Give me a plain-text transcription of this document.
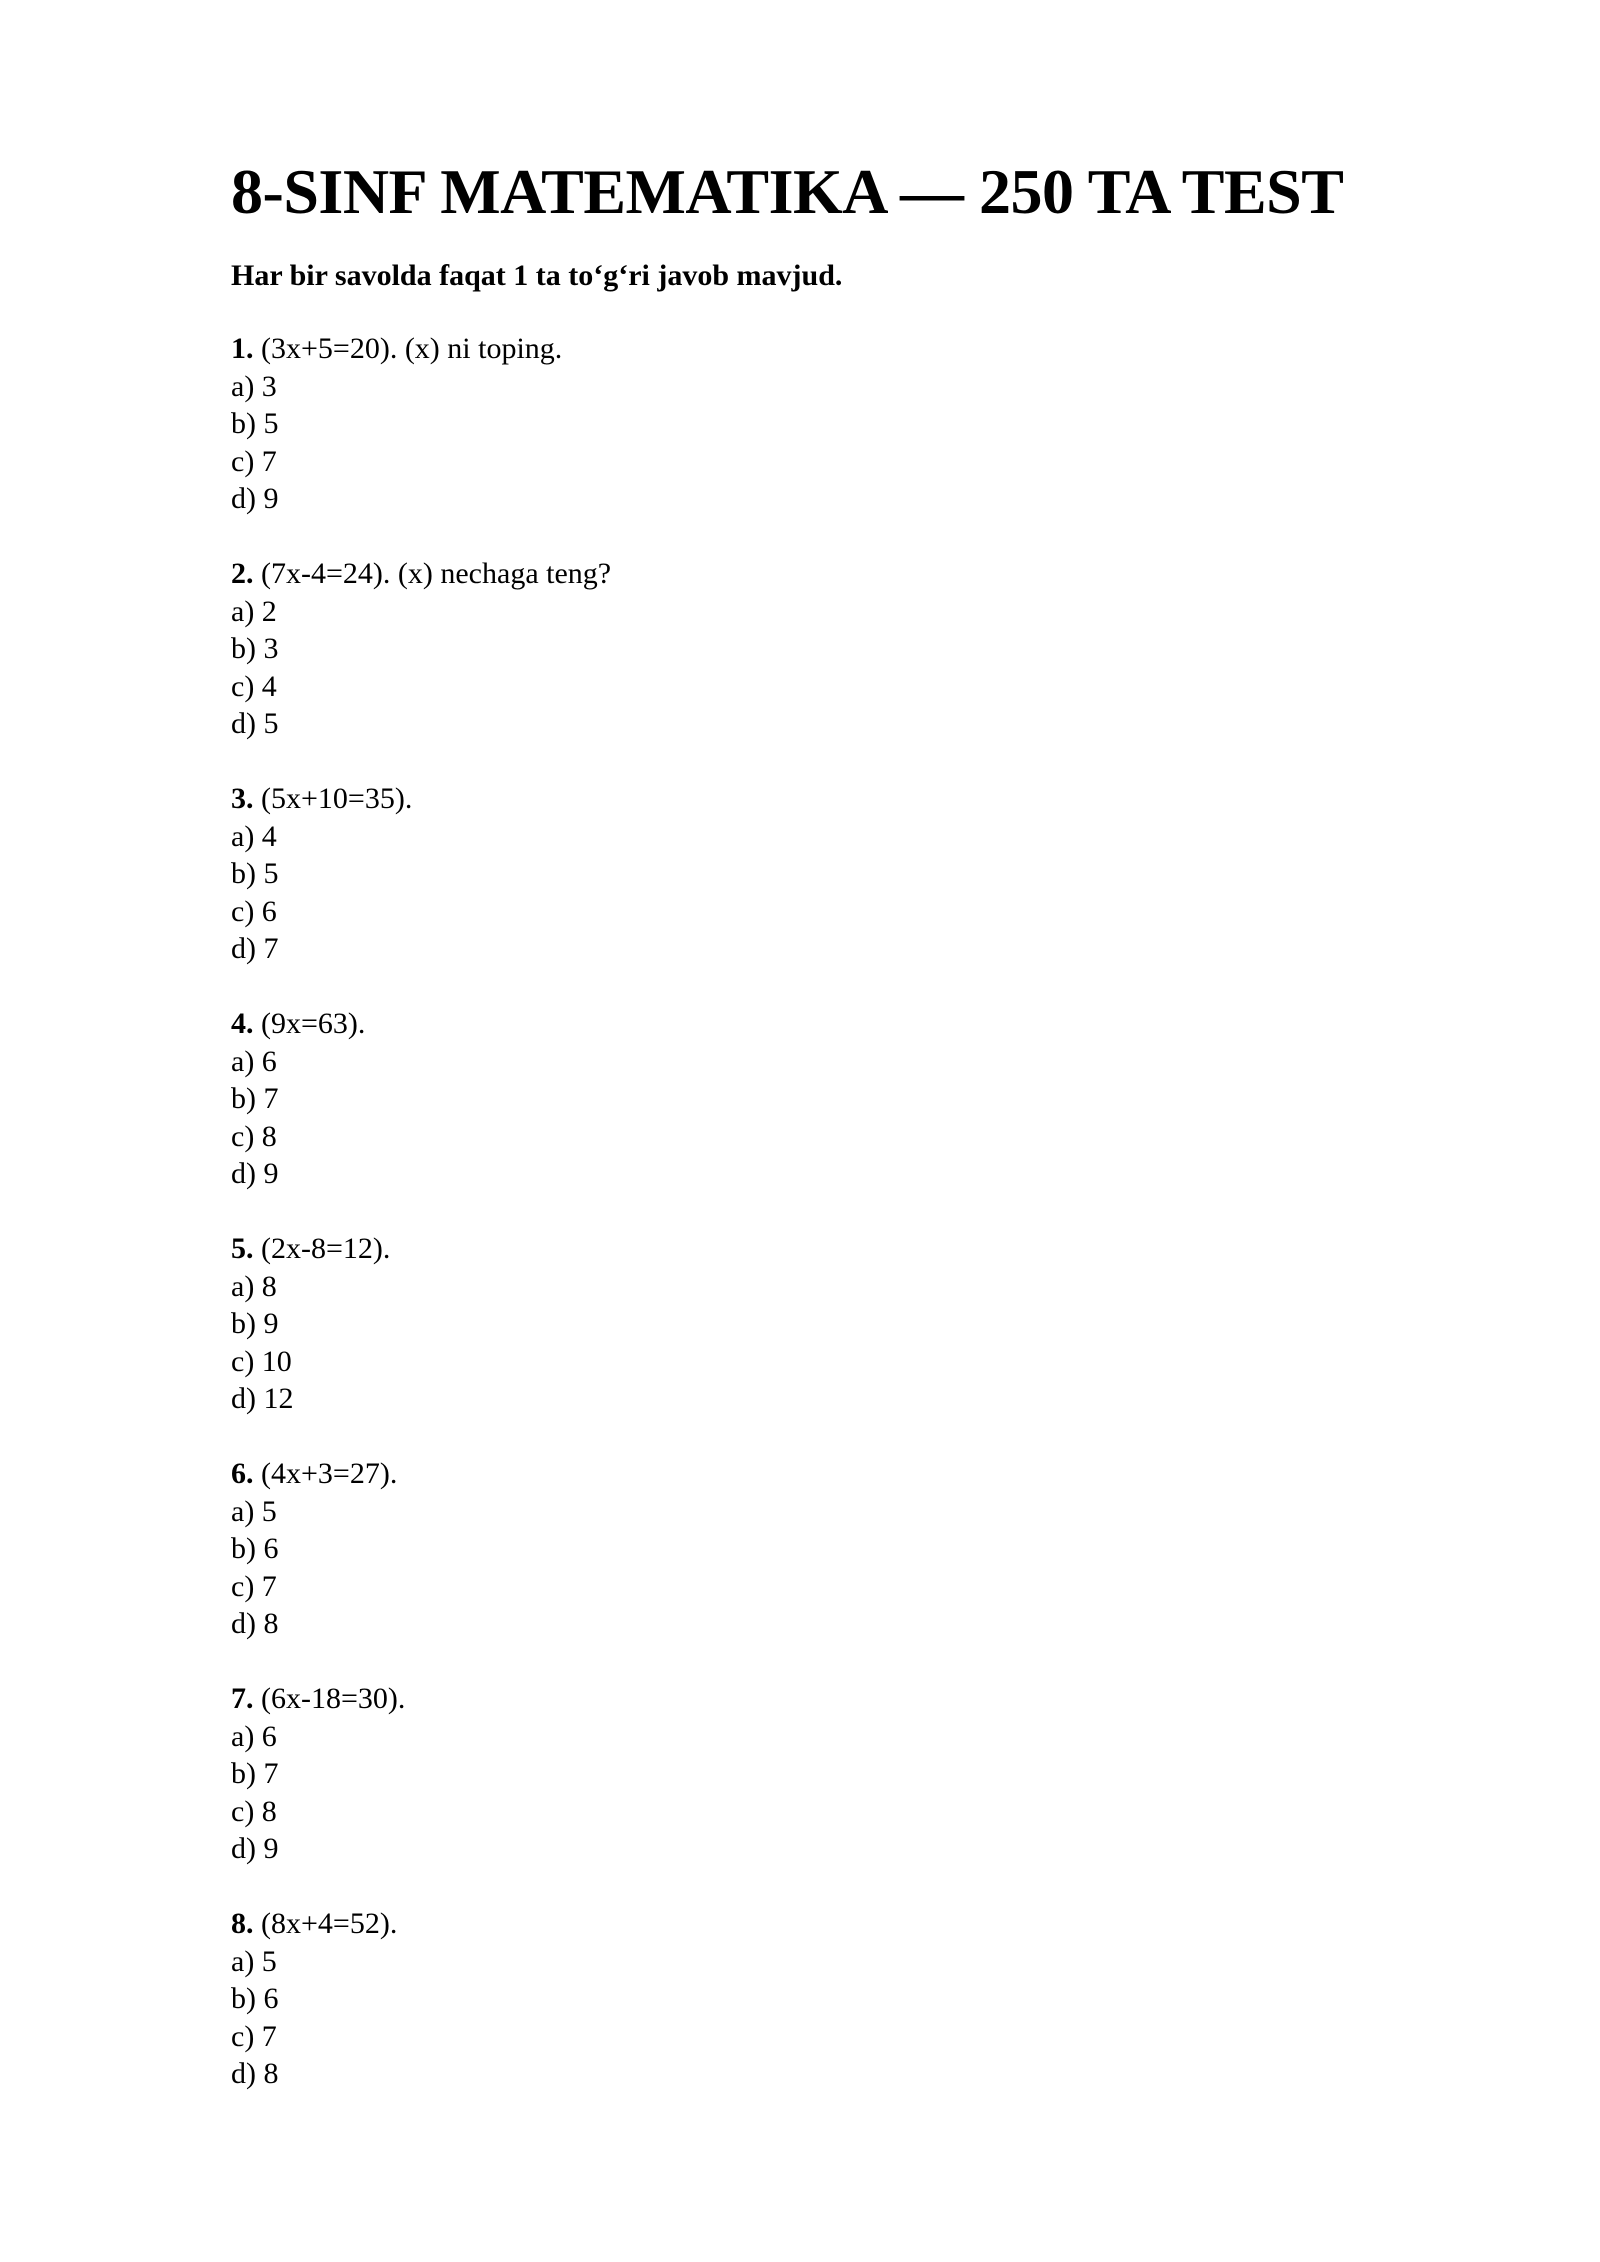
8-SINF MATEMATIKA — 250 TA TEST

Har bir savolda faqat 1 ta to‘g‘ri javob mavjud.

1. (3x+5=20). (x) ni toping.
a) 3
b) 5
c) 7
d) 9
2. (7x-4=24). (x) nechaga teng?
a) 2
b) 3
c) 4
d) 5
3. (5x+10=35).
a) 4
b) 5
c) 6
d) 7
4. (9x=63).
a) 6
b) 7
c) 8
d) 9
5. (2x-8=12).
a) 8
b) 9
c) 10
d) 12
6. (4x+3=27).
a) 5
b) 6
c) 7
d) 8
7. (6x-18=30).
a) 6
b) 7
c) 8
d) 9
8. (8x+4=52).
a) 5
b) 6
c) 7
d) 8
